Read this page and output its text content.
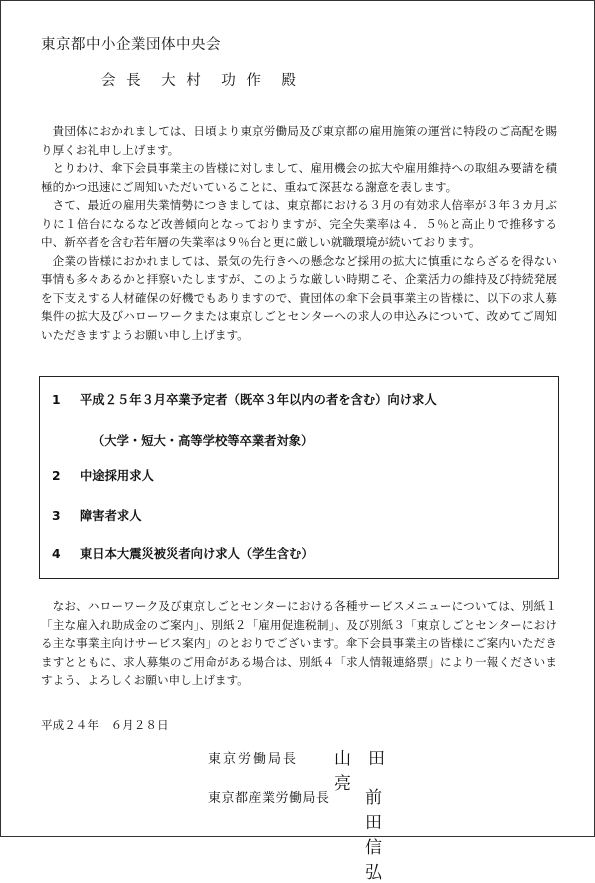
東京都中小企業団体中央会
会 長　大 村　功 作　殿

貴団体におかれましては、日頃より東京労働局及び東京都の雇用施策の運営に特段のご高配を賜り厚くお礼申し上げます。

とりわけ、傘下会員事業主の皆様に対しまして、雇用機会の拡大や雇用維持への取組み要請を積極的かつ迅速にご周知いただいていることに、重ねて深甚なる謝意を表します。

さて、最近の雇用失業情勢につきましては、東京都における３月の有効求人倍率が３年３カ月ぶりに１倍台になるなど改善傾向となっておりますが、完全失業率は４．５％と高止りで推移する中、新卒者を含む若年層の失業率は９％台と更に厳しい就職環境が続いております。

企業の皆様におかれましては、景気の先行きへの懸念など採用の拡大に慎重にならざるを得ない事情も多々あるかと拝察いたしますが、このような厳しい時期こそ、企業活力の維持及び持続発展を下支えする人材確保の好機でもありますので、貴団体の傘下会員事業主の皆様に、以下の求人募集件の拡大及びハローワークまたは東京しごとセンターへの求人の申込みについて、改めてご周知いただきますようお願い申し上げます。

1 平成２５年３月卒業予定者（既卒３年以内の者を含む）向け求人
（大学・短大・高等学校等卒業者対象）
2 中途採用求人
3 障害者求人
4 東日本大震災被災者向け求人（学生含む）

なお、ハローワーク及び東京しごとセンターにおける各種サービスメニューについては、別紙１「主な雇入れ助成金のご案内」、別紙２「雇用促進税制」、及び別紙３「東京しごとセンターにおける主な事業主向けサービス案内」のとおりでございます。傘下会員事業主の皆様にご案内いただきますとともに、求人募集のご用命がある場合は、別紙４「求人情報連絡票」により一報くださいますよう、よろしくお願い申し上げます。

平成２４年　６月２８日
東京労働局長 山　田　　　亮
東京都産業労働局長 前　田　信　弘
